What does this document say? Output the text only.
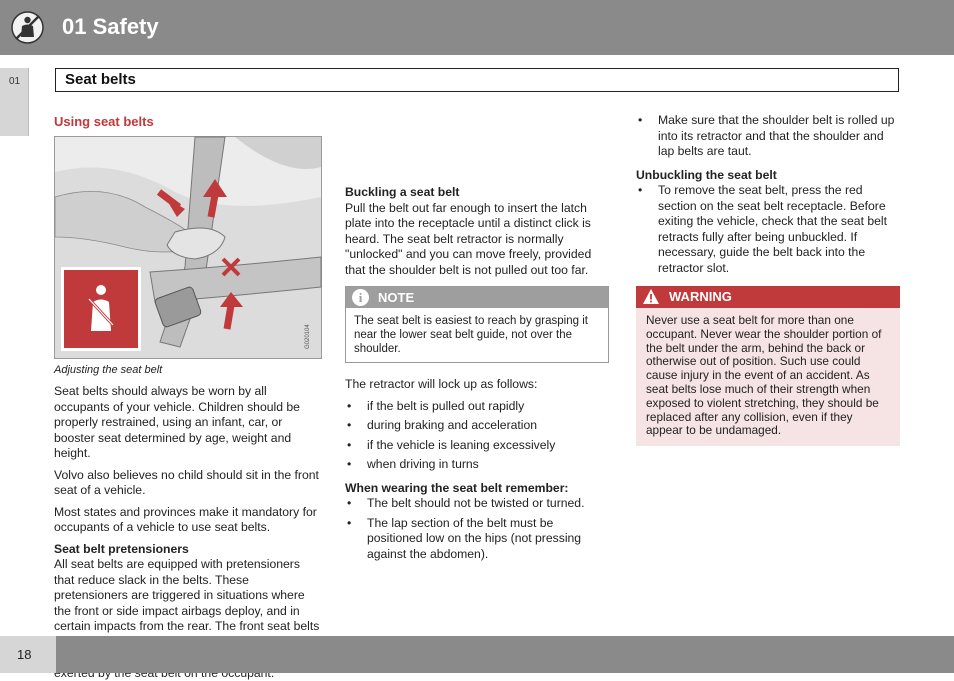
01 Safety
01	Seat belts
Using seat belts
G020104
Adjusting the seat belt

Seat belts should always be worn by all occupants of your vehicle. Children should be properly restrained, using an infant, car, or booster seat determined by age, weight and height.

Volvo also believes no child should sit in the front seat of a vehicle.

Most states and provinces make it mandatory for occupants of a vehicle to use seat belts.

Seat belt pretensioners

All seat belts are equipped with pretensioners that reduce slack in the belts. These pretensioners are triggered in situations where the front or side impact airbags deploy, and in certain impacts from the rear. The front seat belts

Buckling a seat belt

Pull the belt out far enough to insert the latch plate into the receptacle until a distinct click is heard. The seat belt retractor is normally "unlocked" and you can move freely, provided that the shoulder belt is not pulled out too far.

i	NOTE
The seat belt is easiest to reach by grasping it near the lower seat belt guide, not over the shoulder.

The retractor will lock up as follows:

• if the belt is pulled out rapidly
• during braking and acceleration
• if the vehicle is leaning excessively
• when driving in turns
When wearing the seat belt remember:
• The belt should not be twisted or turned.
• The lap section of the belt must be positioned low on the hips (not pressing against the abdomen).
• Make sure that the shoulder belt is rolled up into its retractor and that the shoulder and lap belts are taut.
Unbuckling the seat belt
• To remove the seat belt, press the red section on the seat belt receptacle. Before exiting the vehicle, check that the seat belt retracts fully after being unbuckled. If necessary, guide the belt back into the retractor slot.
WARNING
Never use a seat belt for more than one occupant. Never wear the shoulder portion of the belt under the arm, behind the back or otherwise out of position. Such use could cause injury in the event of an accident. As seat belts lose much of their strength when exposed to violent stretching, they should be replaced after any collision, even if they appear to be undamaged.
18
